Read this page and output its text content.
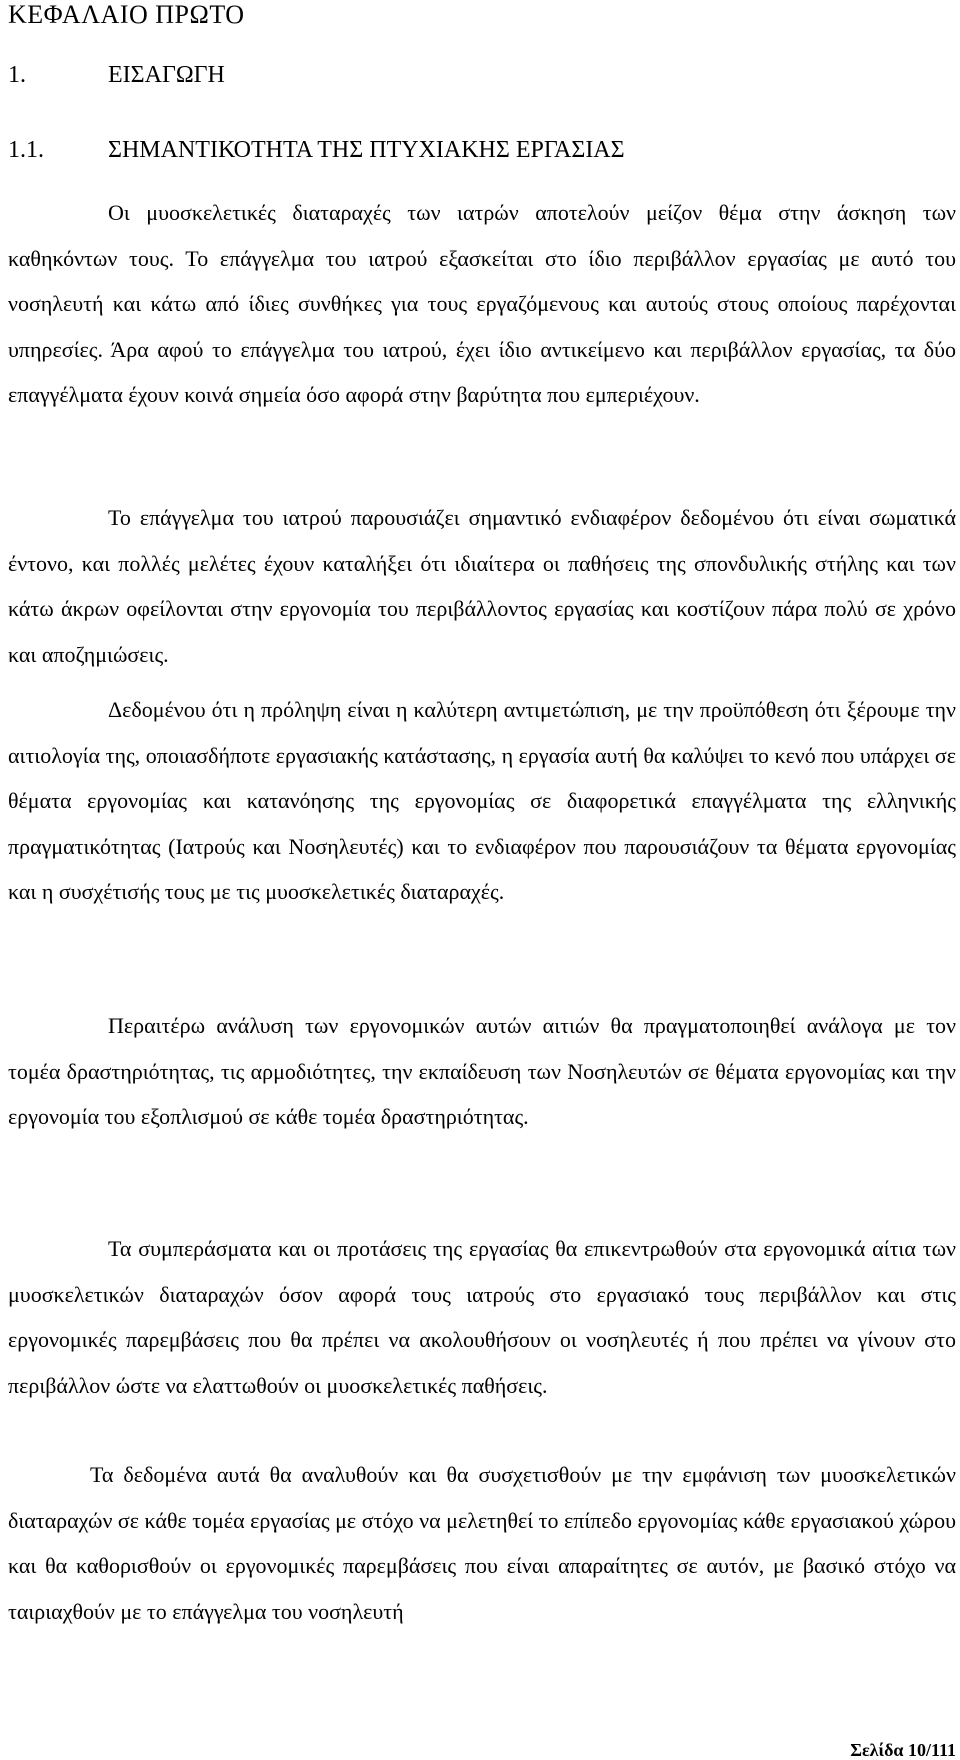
ΚΕΦΑΛΑΙΟ ΠΡΩΤΟ
1.	ΕΙΣΑΓΩΓΗ
1.1.	ΣΗΜΑΝΤΙΚΟΤΗΤΑ ΤΗΣ ΠΤΥΧΙΑΚΗΣ ΕΡΓΑΣΙΑΣ

Οι μυοσκελετικές διαταραχές των ιατρών αποτελούν μείζον θέμα στην άσκηση των καθηκόντων τους. Το επάγγελμα του ιατρού εξασκείται στο ίδιο περιβάλλον εργασίας με αυτό του νοσηλευτή και κάτω από ίδιες συνθήκες για τους εργαζόμενους και αυτούς στους οποίους παρέχονται υπηρεσίες. Άρα αφού το επάγγελμα του ιατρού, έχει ίδιο αντικείμενο και περιβάλλον εργασίας, τα δύο επαγγέλματα έχουν κοινά σημεία όσο αφορά στην βαρύτητα που εμπεριέχουν.

Το επάγγελμα του ιατρού παρουσιάζει σημαντικό ενδιαφέρον δεδομένου ότι είναι σωματικά έντονο, και πολλές μελέτες έχουν καταλήξει ότι ιδιαίτερα οι παθήσεις της σπονδυλικής στήλης και των κάτω άκρων οφείλονται στην εργονομία του περιβάλλοντος εργασίας και κοστίζουν πάρα πολύ σε χρόνο και αποζημιώσεις.

Δεδομένου ότι η πρόληψη είναι η καλύτερη αντιμετώπιση, με την προϋπόθεση ότι ξέρουμε την αιτιολογία της, οποιασδήποτε εργασιακής κατάστασης, η εργασία αυτή θα καλύψει το κενό που υπάρχει σε θέματα εργονομίας και κατανόησης της εργονομίας σε διαφορετικά επαγγέλματα της ελληνικής πραγματικότητας (Ιατρούς και Νοσηλευτές) και το ενδιαφέρον που παρουσιάζουν τα θέματα εργονομίας και η συσχέτισής τους με τις μυοσκελετικές διαταραχές.

Περαιτέρω ανάλυση των εργονομικών αυτών αιτιών θα πραγματοποιηθεί ανάλογα με τον τομέα δραστηριότητας, τις αρμοδιότητες, την εκπαίδευση των Νοσηλευτών σε θέματα εργονομίας και την εργονομία του εξοπλισμού σε κάθε τομέα δραστηριότητας.

Τα συμπεράσματα και οι προτάσεις της εργασίας θα επικεντρωθούν στα εργονομικά αίτια των μυοσκελετικών διαταραχών όσον αφορά τους ιατρούς στο εργασιακό τους περιβάλλον και στις εργονομικές παρεμβάσεις που θα πρέπει να ακολουθήσουν οι νοσηλευτές ή που πρέπει να γίνουν στο περιβάλλον ώστε να ελαττωθούν οι μυοσκελετικές παθήσεις.

Τα δεδομένα αυτά θα αναλυθούν και θα συσχετισθούν με την εμφάνιση των μυοσκελετικών διαταραχών σε κάθε τομέα εργασίας με στόχο να μελετηθεί το επίπεδο εργονομίας κάθε εργασιακού χώρου και θα καθορισθούν οι εργονομικές παρεμβάσεις που είναι απαραίτητες σε αυτόν, με βασικό στόχο να ταιριαχθούν με το επάγγελμα του νοσηλευτή

Σελίδα 10/111
